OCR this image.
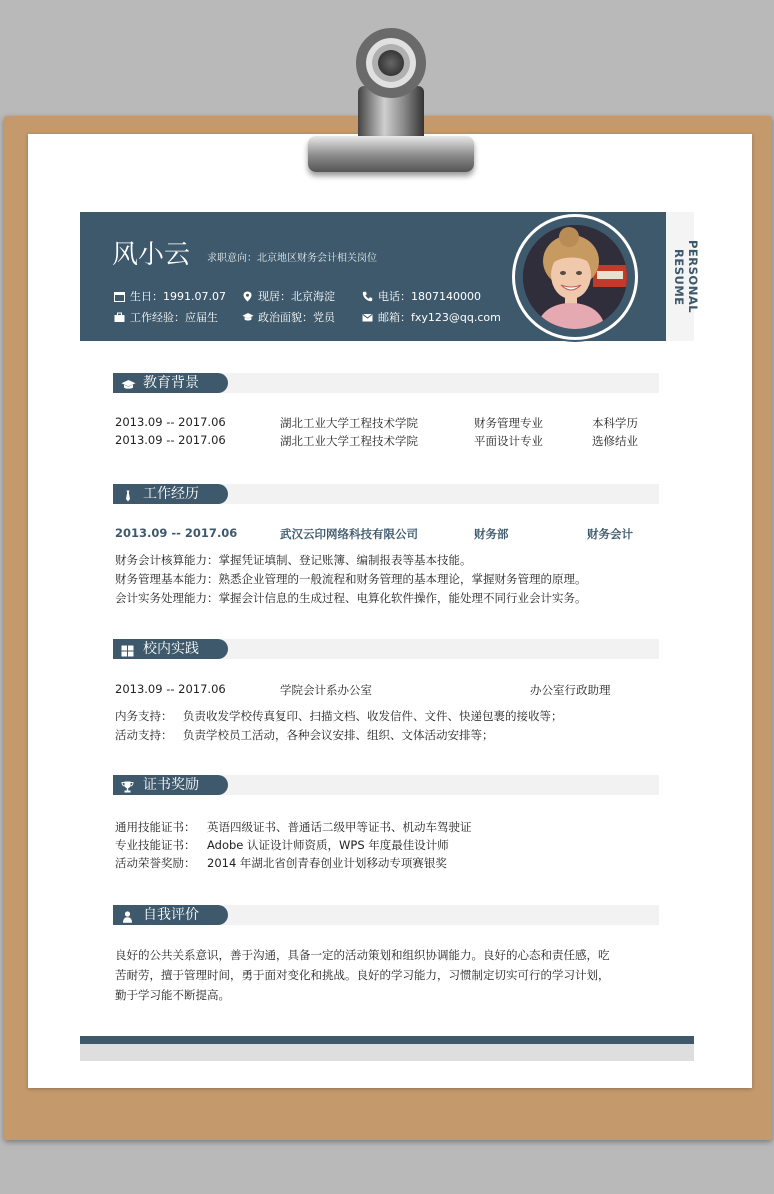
PERSONAL RESUME
风小云 求职意向：北京地区财务会计相关岗位
生日：1991.07.07	现居：北京海淀	电话：1807140000
工作经验：应届生	政治面貌：党员	邮箱：fxy123@qq.com
教育背景
2013.09 -- 2017.06	湖北工业大学工程技术学院	财务管理专业	本科学历
2013.09 -- 2017.06	湖北工业大学工程技术学院	平面设计专业	选修结业
工作经历
2013.09 -- 2017.06	武汉云印网络科技有限公司	财务部	财务会计
财务会计核算能力：掌握凭证填制、登记账簿、编制报表等基本技能。
财务管理基本能力：熟悉企业管理的一般流程和财务管理的基本理论，掌握财务管理的原理。
会计实务处理能力：掌握会计信息的生成过程、电算化软件操作，能处理不同行业会计实务。
校内实践
2013.09 -- 2017.06	学院会计系办公室	办公室行政助理
内务支持： 负责收发学校传真复印、扫描文档、收发信件、文件、快递包裹的接收等；
活动支持： 负责学校员工活动，各种会议安排、组织、文体活动安排等；
证书奖励
通用技能证书： 英语四级证书、普通话二级甲等证书、机动车驾驶证
专业技能证书： Adobe 认证设计师资质，WPS 年度最佳设计师
活动荣誉奖励： 2014 年湖北省创青春创业计划移动专项赛银奖
自我评价
良好的公共关系意识，善于沟通，具备一定的活动策划和组织协调能力。良好的心态和责任感，吃
苦耐劳，擅于管理时间，勇于面对变化和挑战。良好的学习能力，习惯制定切实可行的学习计划，
勤于学习能不断提高。
